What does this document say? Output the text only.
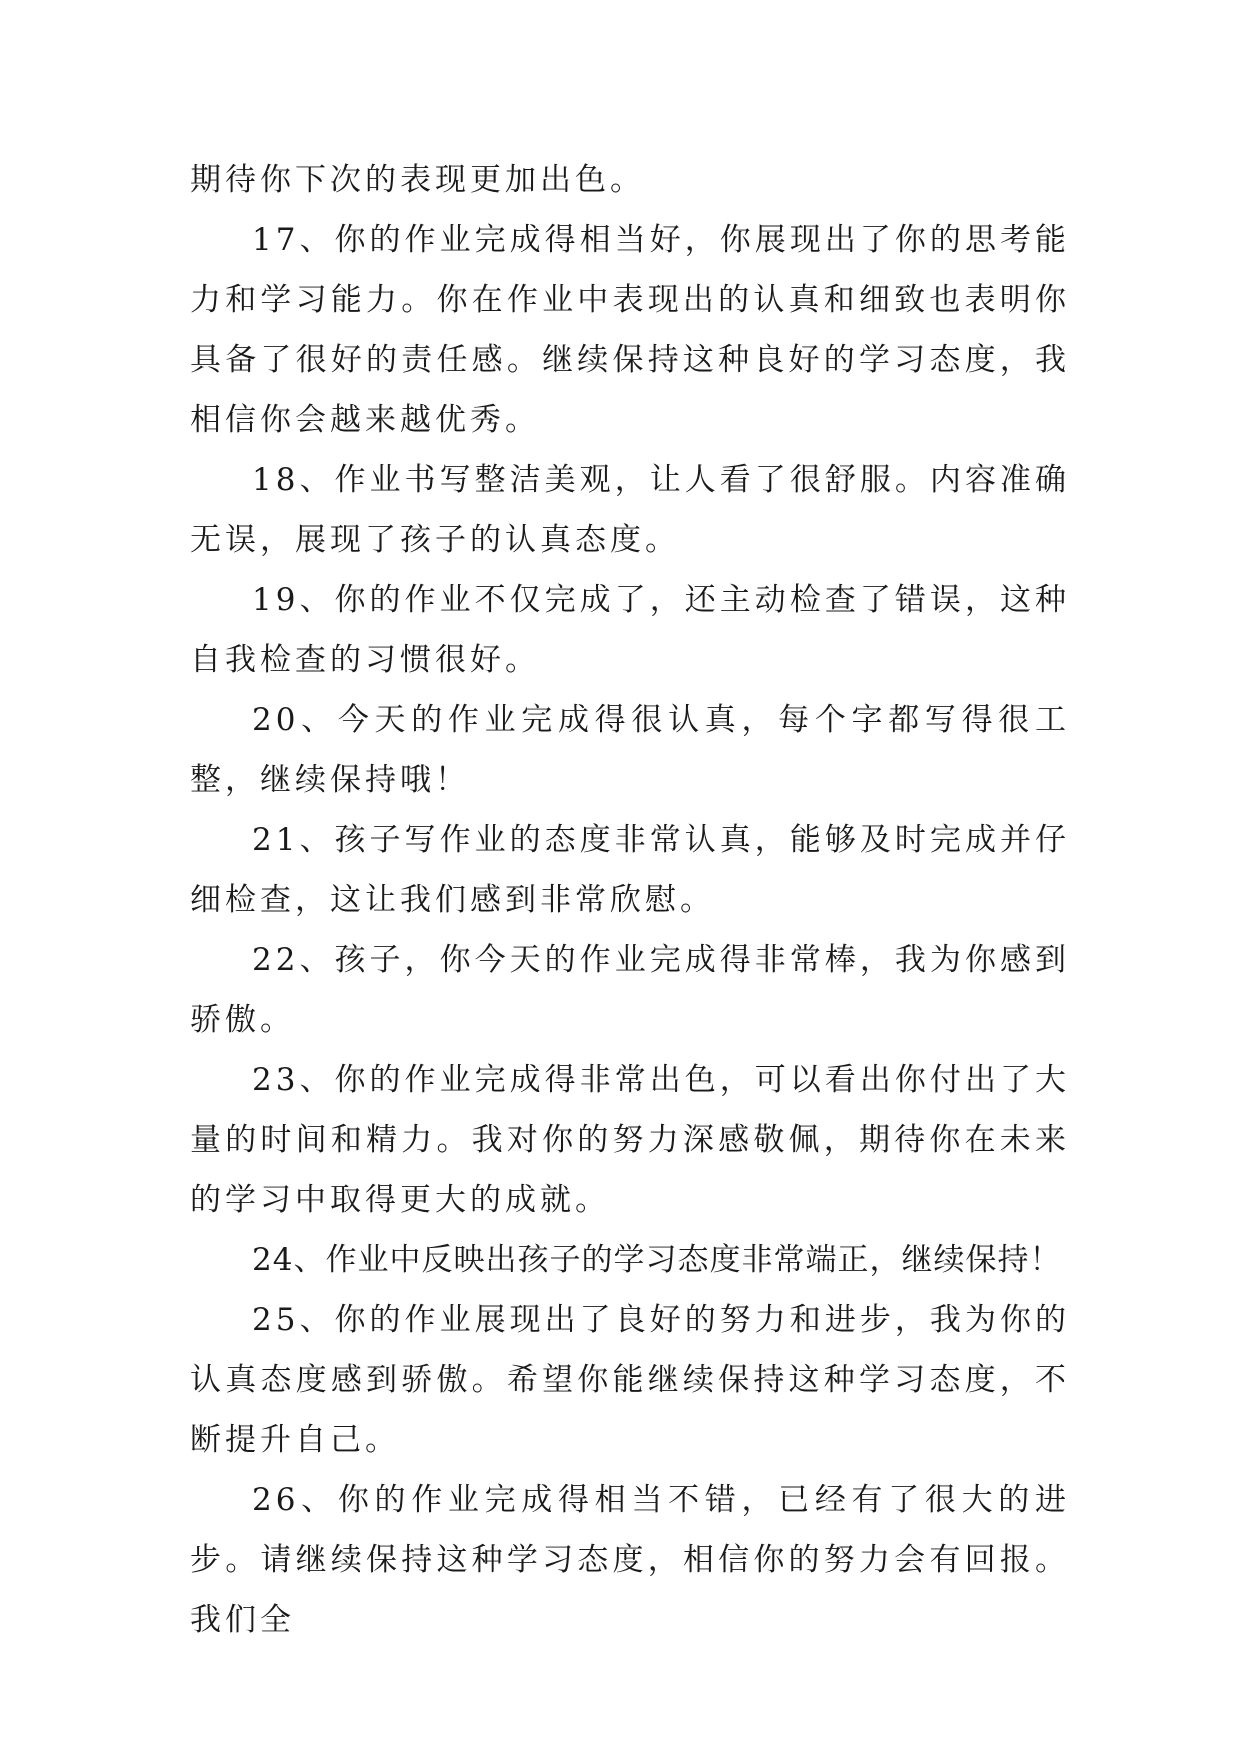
期待你下次的表现更加出色。

17、你的作业完成得相当好，你展现出了你的思考能力和学习能力。你在作业中表现出的认真和细致也表明你具备了很好的责任感。继续保持这种良好的学习态度，我相信你会越来越优秀。

18、作业书写整洁美观，让人看了很舒服。内容准确无误，展现了孩子的认真态度。

19、你的作业不仅完成了，还主动检查了错误，这种自我检查的习惯很好。

20、今天的作业完成得很认真，每个字都写得很工整，继续保持哦！

21、孩子写作业的态度非常认真，能够及时完成并仔细检查，这让我们感到非常欣慰。

22、孩子，你今天的作业完成得非常棒，我为你感到骄傲。

23、你的作业完成得非常出色，可以看出你付出了大量的时间和精力。我对你的努力深感敬佩，期待你在未来的学习中取得更大的成就。

24、作业中反映出孩子的学习态度非常端正，继续保持！

25、你的作业展现出了良好的努力和进步，我为你的认真态度感到骄傲。希望你能继续保持这种学习态度，不断提升自己。

26、你的作业完成得相当不错，已经有了很大的进步。请继续保持这种学习态度，相信你的努力会有回报。我们全
